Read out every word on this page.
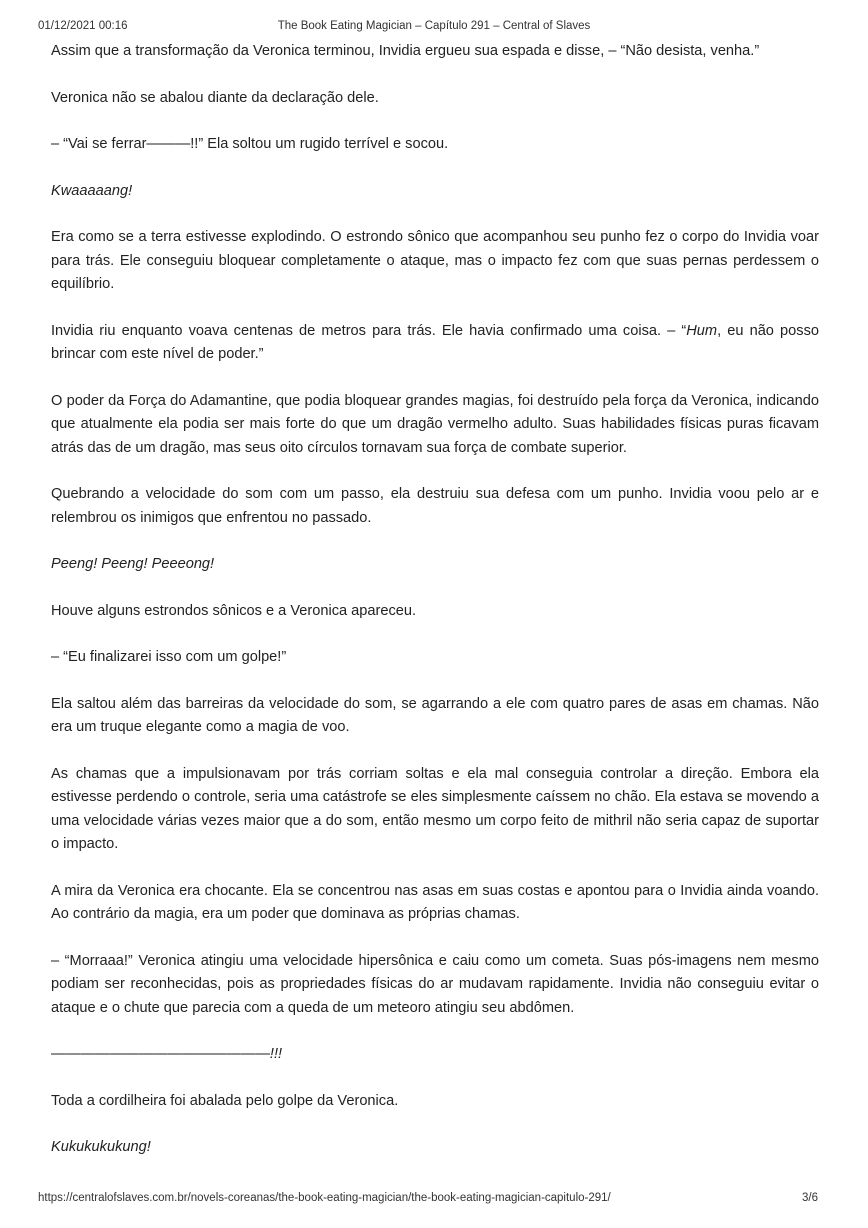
01/12/2021 00:16	The Book Eating Magician – Capítulo 291 – Central of Slaves

Assim que a transformação da Veronica terminou, Invidia ergueu sua espada e disse, – “Não desista, venha.”

Veronica não se abalou diante da declaração dele.

– “Vai se ferrar———!!” Ela soltou um rugido terrível e socou.

Kwaaaaang!

Era como se a terra estivesse explodindo. O estrondo sônico que acompanhou seu punho fez o corpo do Invidia voar para trás. Ele conseguiu bloquear completamente o ataque, mas o impacto fez com que suas pernas perdessem o equilíbrio.

Invidia riu enquanto voava centenas de metros para trás. Ele havia confirmado uma coisa. – “Hum, eu não posso brincar com este nível de poder.”

O poder da Força do Adamantine, que podia bloquear grandes magias, foi destruído pela força da Veronica, indicando que atualmente ela podia ser mais forte do que um dragão vermelho adulto. Suas habilidades físicas puras ficavam atrás das de um dragão, mas seus oito círculos tornavam sua força de combate superior.

Quebrando a velocidade do som com um passo, ela destruiu sua defesa com um punho. Invidia voou pelo ar e relembrou os inimigos que enfrentou no passado.

Peeng! Peeng! Peeeong!

Houve alguns estrondos sônicos e a Veronica apareceu.

– “Eu finalizarei isso com um golpe!”

Ela saltou além das barreiras da velocidade do som, se agarrando a ele com quatro pares de asas em chamas. Não era um truque elegante como a magia de voo.

As chamas que a impulsionavam por trás corriam soltas e ela mal conseguia controlar a direção. Embora ela estivesse perdendo o controle, seria uma catástrofe se eles simplesmente caíssem no chão. Ela estava se movendo a uma velocidade várias vezes maior que a do som, então mesmo um corpo feito de mithril não seria capaz de suportar o impacto.

A mira da Veronica era chocante. Ela se concentrou nas asas em suas costas e apontou para o Invidia ainda voando. Ao contrário da magia, era um poder que dominava as próprias chamas.

– “Morraaa!” Veronica atingiu uma velocidade hipersônica e caiu como um cometa. Suas pós-imagens nem mesmo podiam ser reconhecidas, pois as propriedades físicas do ar mudavam rapidamente. Invidia não conseguiu evitar o ataque e o chute que parecia com a queda de um meteoro atingiu seu abdômen.

———————————————!!!

Toda a cordilheira foi abalada pelo golpe da Veronica.

Kukukukukung!

https://centralofslaves.com.br/novels-coreanas/the-book-eating-magician/the-book-eating-magician-capitulo-291/	3/6
